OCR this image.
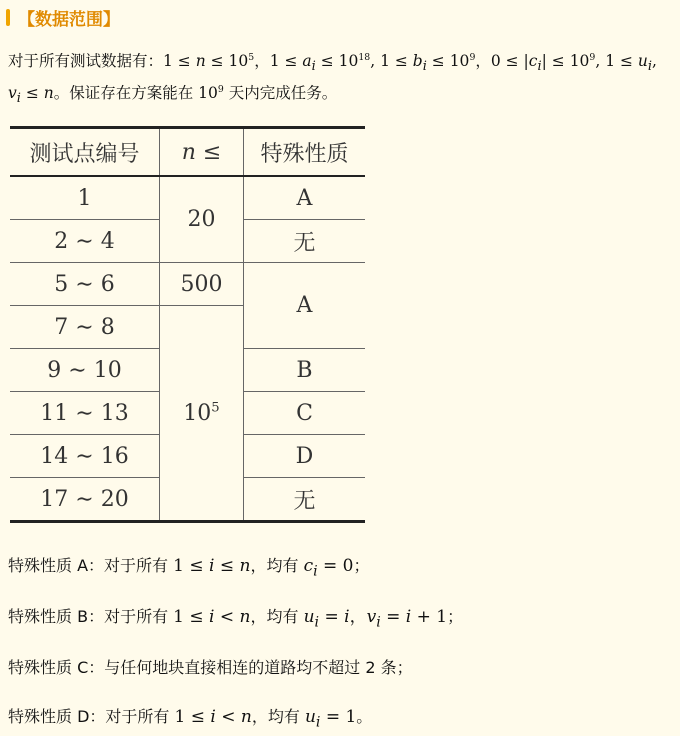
【数据范围】
对于所有测试数据有：$1 \le n \le 10^5$，$1 \le a_i \le 10^{18}$, $1 \le b_i \le 10^9$，$0 \le |c_i| \le 10^9$, $1 \le u_i$, $v_i \le n$。保证存在方案能在 $10^9$ 天内完成任务。
测试点编号	n ≤	特殊性质
1	20	A
2 ∼ 4		无
5 ∼ 6	500	A
7 ∼ 8	$10^5$
9 ∼ 10		B
11 ∼ 13		C
14 ∼ 16		D
17 ∼ 20		无
特殊性质 A：对于所有 1 ≤ i ≤ n，均有 $c_i = 0$；
特殊性质 B：对于所有 1 ≤ i < n，均有 $u_i = i$，$v_i = i + 1$；
特殊性质 C：与任何地块直接相连的道路均不超过 2 条；
特殊性质 D：对于所有 1 ≤ i < n，均有 $u_i = 1$。
